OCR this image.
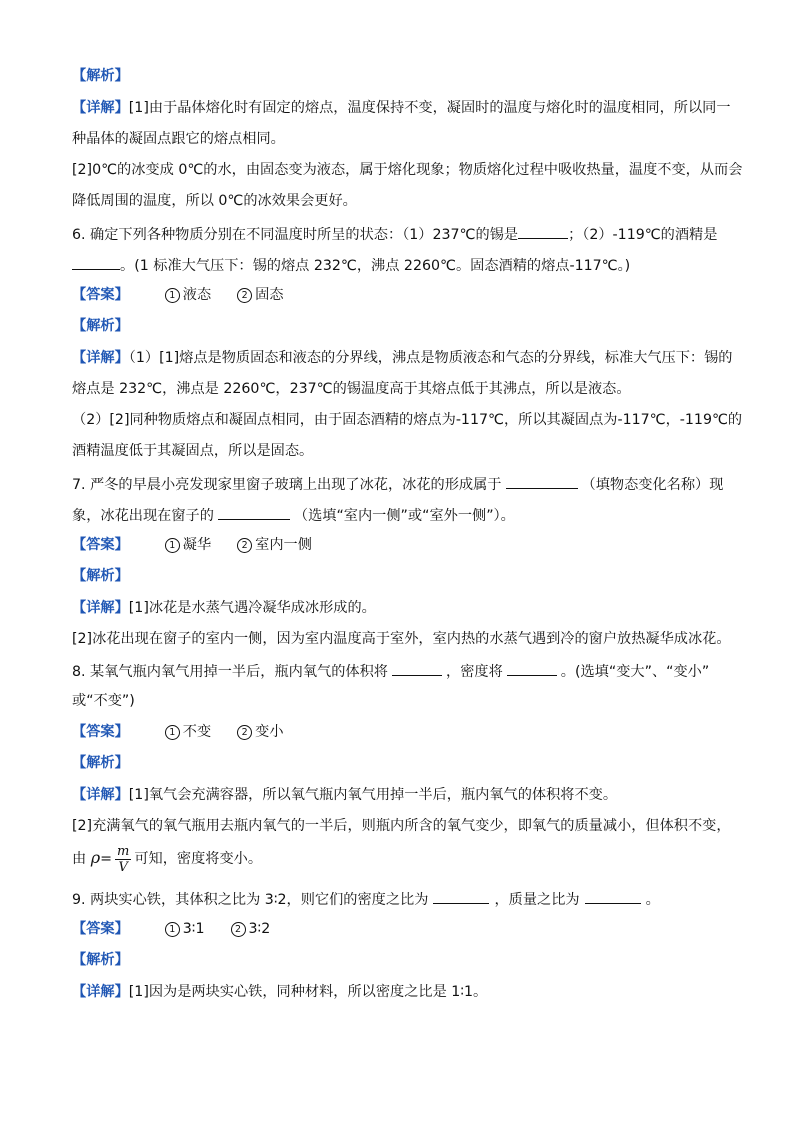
【解析】
【详解】[1]由于晶体熔化时有固定的熔点，温度保持不变，凝固时的温度与熔化时的温度相同，所以同一
种晶体的凝固点跟它的熔点相同。
[2]0℃的冰变成 0℃的水，由固态变为液态，属于熔化现象；物质熔化过程中吸收热量，温度不变，从而会
降低周围的温度，所以 0℃的冰效果会更好。
6. 确定下列各种物质分别在不同温度时所呈的状态：（1）237℃的锡是	；（2）-119℃的酒精是
。(1 标准大气压下：锡的熔点 232℃，沸点 2260℃。固态酒精的熔点-117℃。)
【答案】	1 液态	2 固态
【解析】
【详解】（1）[1]熔点是物质固态和液态的分界线，沸点是物质液态和气态的分界线，标准大气压下：锡的
熔点是 232℃，沸点是 2260℃，237℃的锡温度高于其熔点低于其沸点，所以是液态。
（2）[2]同种物质熔点和凝固点相同，由于固态酒精的熔点为-117℃，所以其凝固点为-117℃，-119℃的
酒精温度低于其凝固点，所以是固态。
7. 严冬的早晨小亮发现家里窗子玻璃上出现了冰花，冰花的形成属于	（填物态变化名称）现
象，冰花出现在窗子的	（选填“室内一侧”或“室外一侧”）。
【答案】	1 凝华	2 室内一侧
【解析】
【详解】[1]冰花是水蒸气遇冷凝华成冰形成的。
[2]冰花出现在窗子的室内一侧，因为室内温度高于室外，室内热的水蒸气遇到冷的窗户放热凝华成冰花。
8. 某氧气瓶内氧气用掉一半后，瓶内氧气的体积将	，密度将	。(选填“变大”、“变小”
或“不变”)
【答案】	1 不变	2 变小
【解析】
【详解】[1]氧气会充满容器，所以氧气瓶内氧气用掉一半后，瓶内氧气的体积将不变。
[2]充满氧气的氧气瓶用去瓶内氧气的一半后，则瓶内所含的氧气变少，即氧气的质量减小，但体积不变，
由 $\rho= \frac{m}{V}$ 可知，密度将变小。
9. 两块实心铁，其体积之比为 3∶2，则它们的密度之比为	，质量之比为	。
【答案】	1 3∶1	2 3∶2
【解析】
【详解】[1]因为是两块实心铁，同种材料，所以密度之比是 1∶1。
